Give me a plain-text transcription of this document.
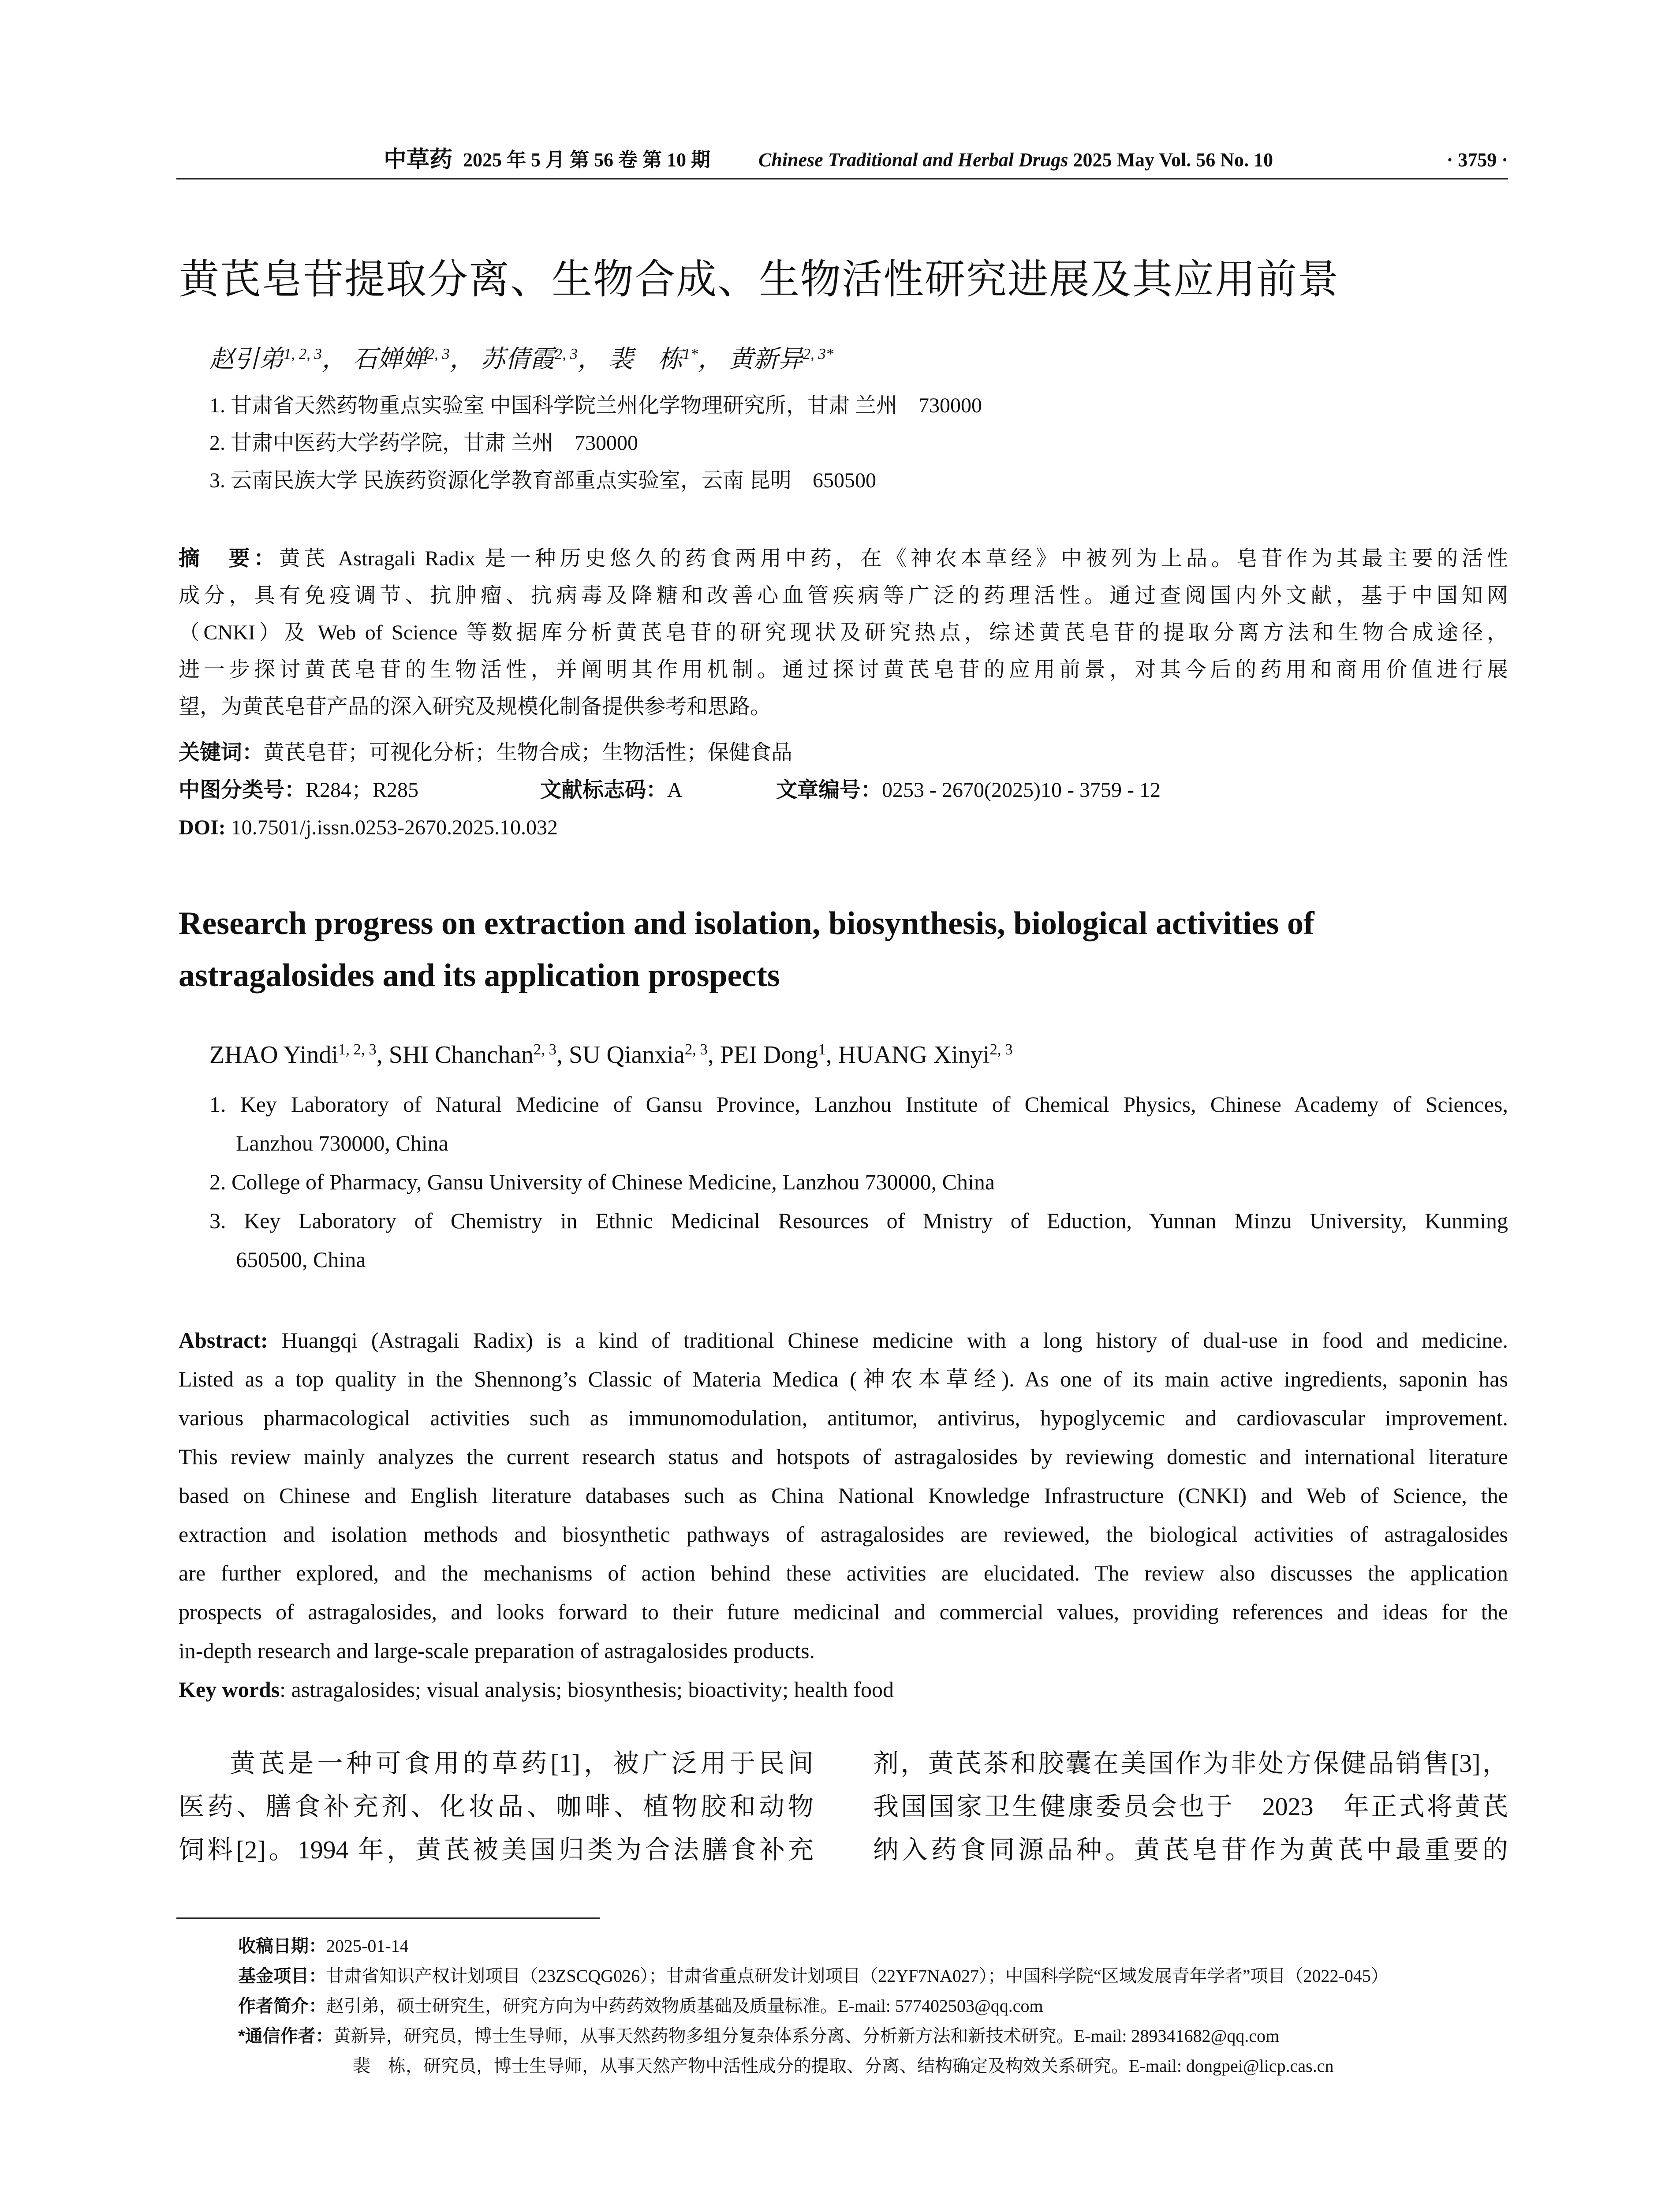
中草药 2025 年 5 月 第 56 卷 第 10 期 Chinese Traditional and Herbal Drugs 2025 May Vol. 56 No. 10	· 3759 ·
黄芪皂苷提取分离、生物合成、生物活性研究进展及其应用前景
赵引弟$^{1, 2, 3}$， 石婵婵$^{2, 3}$， 苏倩霞$^{2, 3}$， 裴　栋$^{1*}$， 黄新异$^{2, 3*}$
1. 甘肃省天然药物重点实验室 中国科学院兰州化学物理研究所，甘肃 兰州　730000
2. 甘肃中医药大学药学院，甘肃 兰州　730000
3. 云南民族大学 民族药资源化学教育部重点实验室，云南 昆明　650500
摘　要：黄芪 Astragali Radix 是一种历史悠久的药食两用中药，在《神农本草经》中被列为上品。皂苷作为其最主要的活性
成分，具有免疫调节、抗肿瘤、抗病毒及降糖和改善心血管疾病等广泛的药理活性。通过查阅国内外文献，基于中国知网
（CNKI）及 Web of Science 等数据库分析黄芪皂苷的研究现状及研究热点，综述黄芪皂苷的提取分离方法和生物合成途径，
进一步探讨黄芪皂苷的生物活性，并阐明其作用机制。通过探讨黄芪皂苷的应用前景，对其今后的药用和商用价值进行展
望，为黄芪皂苷产品的深入研究及规模化制备提供参考和思路。
关键词：黄芪皂苷；可视化分析；生物合成；生物活性；保健食品
中图分类号：R284；R285	文献标志码：A	文章编号：0253 - 2670(2025)10 - 3759 - 12
DOI: 10.7501/j.issn.0253-2670.2025.10.032
Research progress on extraction and isolation, biosynthesis, biological activities of
astragalosides and its application prospects
ZHAO Yindi$^{1, 2, 3}$, SHI Chanchan$^{2, 3}$, SU Qianxia$^{2, 3}$, PEI Dong$^1$, HUANG Xinyi$^{2, 3}$
1. Key Laboratory of Natural Medicine of Gansu Province, Lanzhou Institute of Chemical Physics, Chinese Academy of Sciences,
Lanzhou 730000, China
2. College of Pharmacy, Gansu University of Chinese Medicine, Lanzhou 730000, China
3. Key Laboratory of Chemistry in Ethnic Medicinal Resources of Mnistry of Eduction, Yunnan Minzu University, Kunming
650500, China
Abstract: Huangqi (Astragali Radix) is a kind of traditional Chinese medicine with a long history of dual-use in food and medicine.
Listed as a top quality in the Shennong’s Classic of Materia Medica (神农本草经). As one of its main active ingredients, saponin has
various pharmacological activities such as immunomodulation, antitumor, antivirus, hypoglycemic and cardiovascular improvement.
This review mainly analyzes the current research status and hotspots of astragalosides by reviewing domestic and international literature
based on Chinese and English literature databases such as China National Knowledge Infrastructure (CNKI) and Web of Science, the
extraction and isolation methods and biosynthetic pathways of astragalosides are reviewed, the biological activities of astragalosides
are further explored, and the mechanisms of action behind these activities are elucidated. The review also discusses the application
prospects of astragalosides, and looks forward to their future medicinal and commercial values, providing references and ideas for the
in-depth research and large-scale preparation of astragalosides products.
Key words: astragalosides; visual analysis; biosynthesis; bioactivity; health food
黄芪是一种可食用的草药[1]，被广泛用于民间
医药、膳食补充剂、化妆品、咖啡、植物胶和动物
饲料[2]。1994 年，黄芪被美国归类为合法膳食补充
剂，黄芪茶和胶囊在美国作为非处方保健品销售[3]，
我国国家卫生健康委员会也于　2023　年正式将黄芪
纳入药食同源品种。黄芪皂苷作为黄芪中最重要的
收稿日期：2025-01-14
基金项目：甘肃省知识产权计划项目（23ZSCQG026）；甘肃省重点研发计划项目（22YF7NA027）；中国科学院“区域发展青年学者”项目（2022-045）
作者简介：赵引弟，硕士研究生，研究方向为中药药效物质基础及质量标准。E-mail: 577402503@qq.com
*通信作者：黄新异，研究员，博士生导师，从事天然药物多组分复杂体系分离、分析新方法和新技术研究。E-mail: 289341682@qq.com
裴　栋，研究员，博士生导师，从事天然产物中活性成分的提取、分离、结构确定及构效关系研究。E-mail: dongpei@licp.cas.cn
